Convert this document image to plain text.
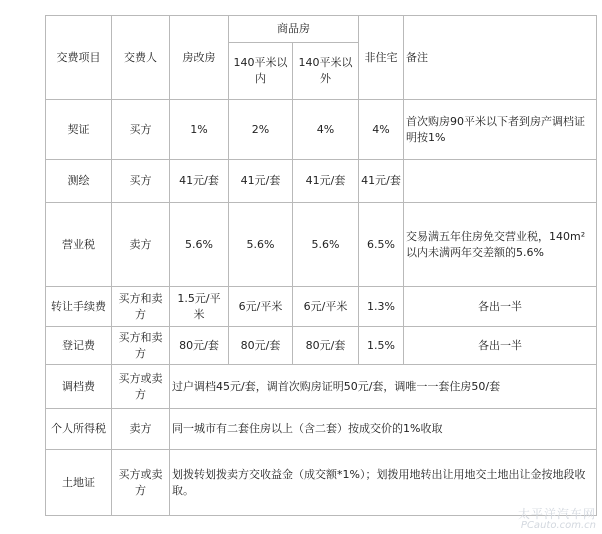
交费项目	交费人	房改房	商品房		非住宅	备注
			140平米以内	140平米以外		
契证	买方	1%	2%	4%	4%	首次购房90平米以下者到房产调档证明按1%
测绘	买方	41元/套	41元/套	41元/套	41元/套	
营业税	卖方	5.6%	5.6%	5.6%	6.5%	交易满五年住房免交营业税，140m²以内未满两年交差额的5.6%
转让手续费	买方和卖方	1.5元/平米	6元/平米	6元/平米	1.3%	各出一半
登记费	买方和卖方	80元/套	80元/套	80元/套	1.5%	各出一半
调档费	买方或卖方	过户调档45元/套，调首次购房证明50元/套，调唯一一套住房50/套				
个人所得税	卖方	同一城市有二套住房以上（含二套）按成交价的1%收取				
土地证	买方或卖方	划拨转划拨卖方交收益金（成交额*1%）；划拨用地转出让用地交土地出让金按地段收取。				
太平洋汽车网
PCauto.com.cn
